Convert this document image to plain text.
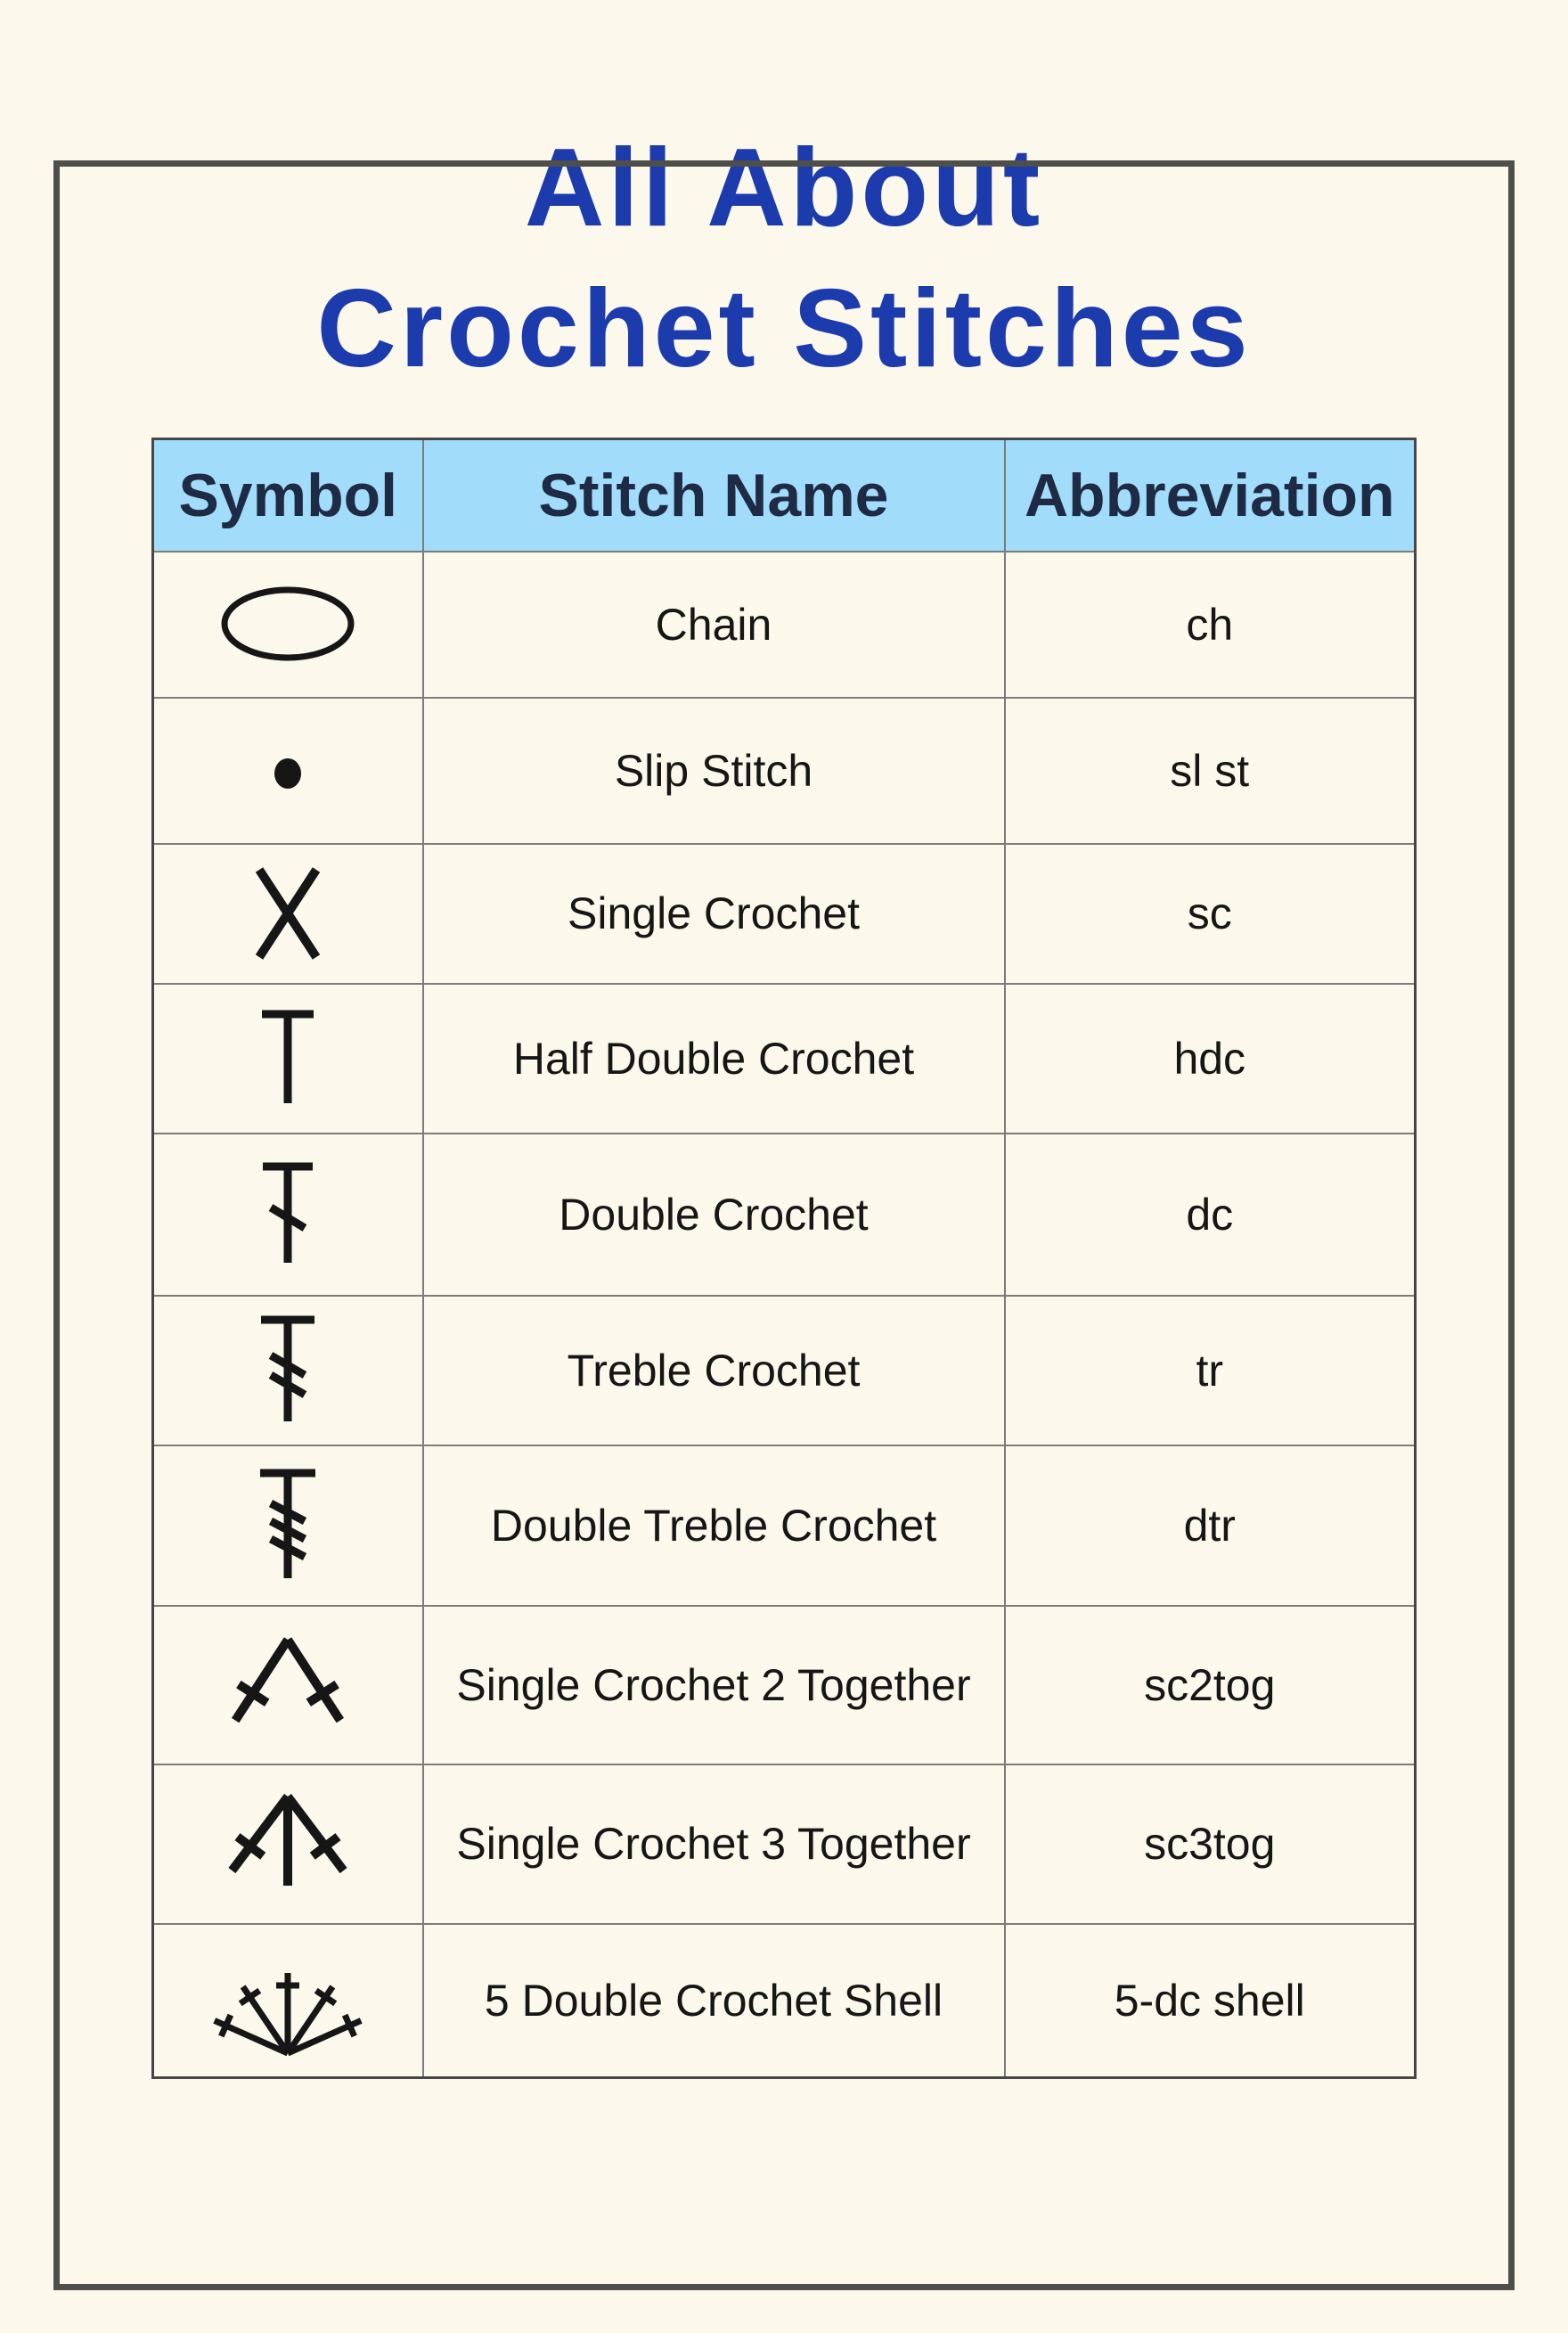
All About
Crochet Stitches
Symbol	Stitch Name	Abbreviation

	Chain	ch

	Slip Stitch	sl st

	Single Crochet	sc

	Half Double Crochet	hdc

	Double Crochet	dc

	Treble Crochet	tr

	Double Treble Crochet	dtr

	Single Crochet 2 Together	sc2tog

	Single Crochet 3 Together	sc3tog

	5 Double Crochet Shell	5-dc shell
